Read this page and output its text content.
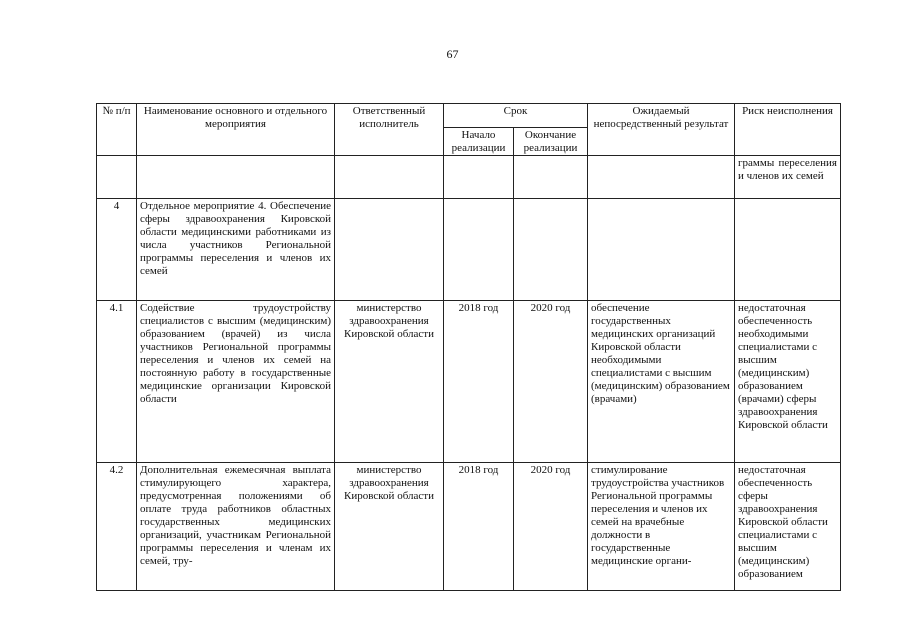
67
№ п/п	Наименование основного и отдельного мероприятия	Ответственный исполнитель	Срок		Ожидаемый непосредственный результат	Риск неисполнения
			Начало реализации	Окончание реализации		
						граммы переселения и членов их семей
4	Отдельное мероприятие 4. Обеспечение сферы здравоохранения Кировской области медицинскими работниками из числа участников Региональной программы переселения и членов их семей					
4.1	Содействие трудоустройству специалистов с высшим (медицинским) образованием (врачей) из числа участников Региональной программы переселения и членов их семей на постоянную работу в государственные медицинские организации Кировской области	министерство здравоохранения Кировской области	2018 год	2020 год	обеспечение государственных медицинских организаций Кировской области необходимыми специалистами с высшим (медицинским) образованием (врачами)	недостаточная обеспеченность необходимыми специалистами с высшим (медицинским) образованием (врачами) сферы здравоохранения Кировской области
4.2	Дополнительная ежемесячная выплата стимулирующего характера, предусмотренная положениями об оплате труда работников областных государственных медицинских организаций, участникам Региональной программы переселения и членам их семей, тру-	министерство здравоохранения Кировской области	2018 год	2020 год	стимулирование трудоустройства участников Региональной программы переселения и членов их семей на врачебные должности в государственные медицинские органи-	недостаточная обеспеченность сферы здравоохранения Кировской области специалистами с высшим (медицинским) образованием
